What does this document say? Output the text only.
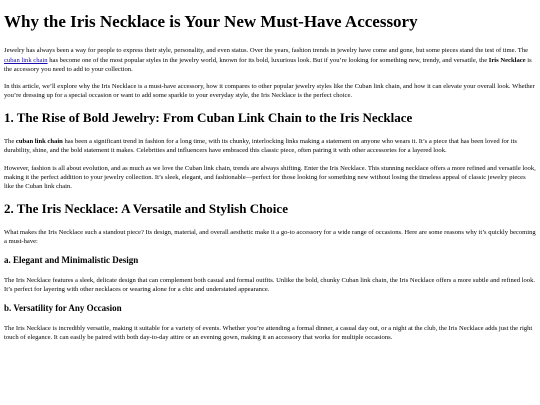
Why the Iris Necklace is Your New Must-Have Accessory

Jewelry has always been a way for people to express their style, personality, and even status. Over the years, fashion trends in jewelry have come and gone, but some pieces stand the test of time. The cuban link chain has become one of the most popular styles in the jewelry world, known for its bold, luxurious look. But if you’re looking for something new, trendy, and versatile, the Iris Necklace is the accessory you need to add to your collection.

In this article, we’ll explore why the Iris Necklace is a must-have accessory, how it compares to other popular jewelry styles like the Cuban link chain, and how it can elevate your overall look. Whether you’re dressing up for a special occasion or want to add some sparkle to your everyday style, the Iris Necklace is the perfect choice.

1. The Rise of Bold Jewelry: From Cuban Link Chain to the Iris Necklace

The cuban link chain has been a significant trend in fashion for a long time, with its chunky, interlocking links making a statement on anyone who wears it. It’s a piece that has been loved for its durability, shine, and the bold statement it makes. Celebrities and influencers have embraced this classic piece, often pairing it with other accessories for a layered look.

However, fashion is all about evolution, and as much as we love the Cuban link chain, trends are always shifting. Enter the Iris Necklace. This stunning necklace offers a more refined and versatile look, making it the perfect addition to your jewelry collection. It’s sleek, elegant, and fashionable—perfect for those looking for something new without losing the timeless appeal of classic jewelry pieces like the Cuban link chain.

2. The Iris Necklace: A Versatile and Stylish Choice

What makes the Iris Necklace such a standout piece? Its design, material, and overall aesthetic make it a go-to accessory for a wide range of occasions. Here are some reasons why it’s quickly becoming a must-have:

a. Elegant and Minimalistic Design

The Iris Necklace features a sleek, delicate design that can complement both casual and formal outfits. Unlike the bold, chunky Cuban link chain, the Iris Necklace offers a more subtle and refined look. It’s perfect for layering with other necklaces or wearing alone for a chic and understated appearance.

b. Versatility for Any Occasion

The Iris Necklace is incredibly versatile, making it suitable for a variety of events. Whether you’re attending a formal dinner, a casual day out, or a night at the club, the Iris Necklace adds just the right touch of elegance. It can easily be paired with both day-to-day attire or an evening gown, making it an accessory that works for multiple occasions.
